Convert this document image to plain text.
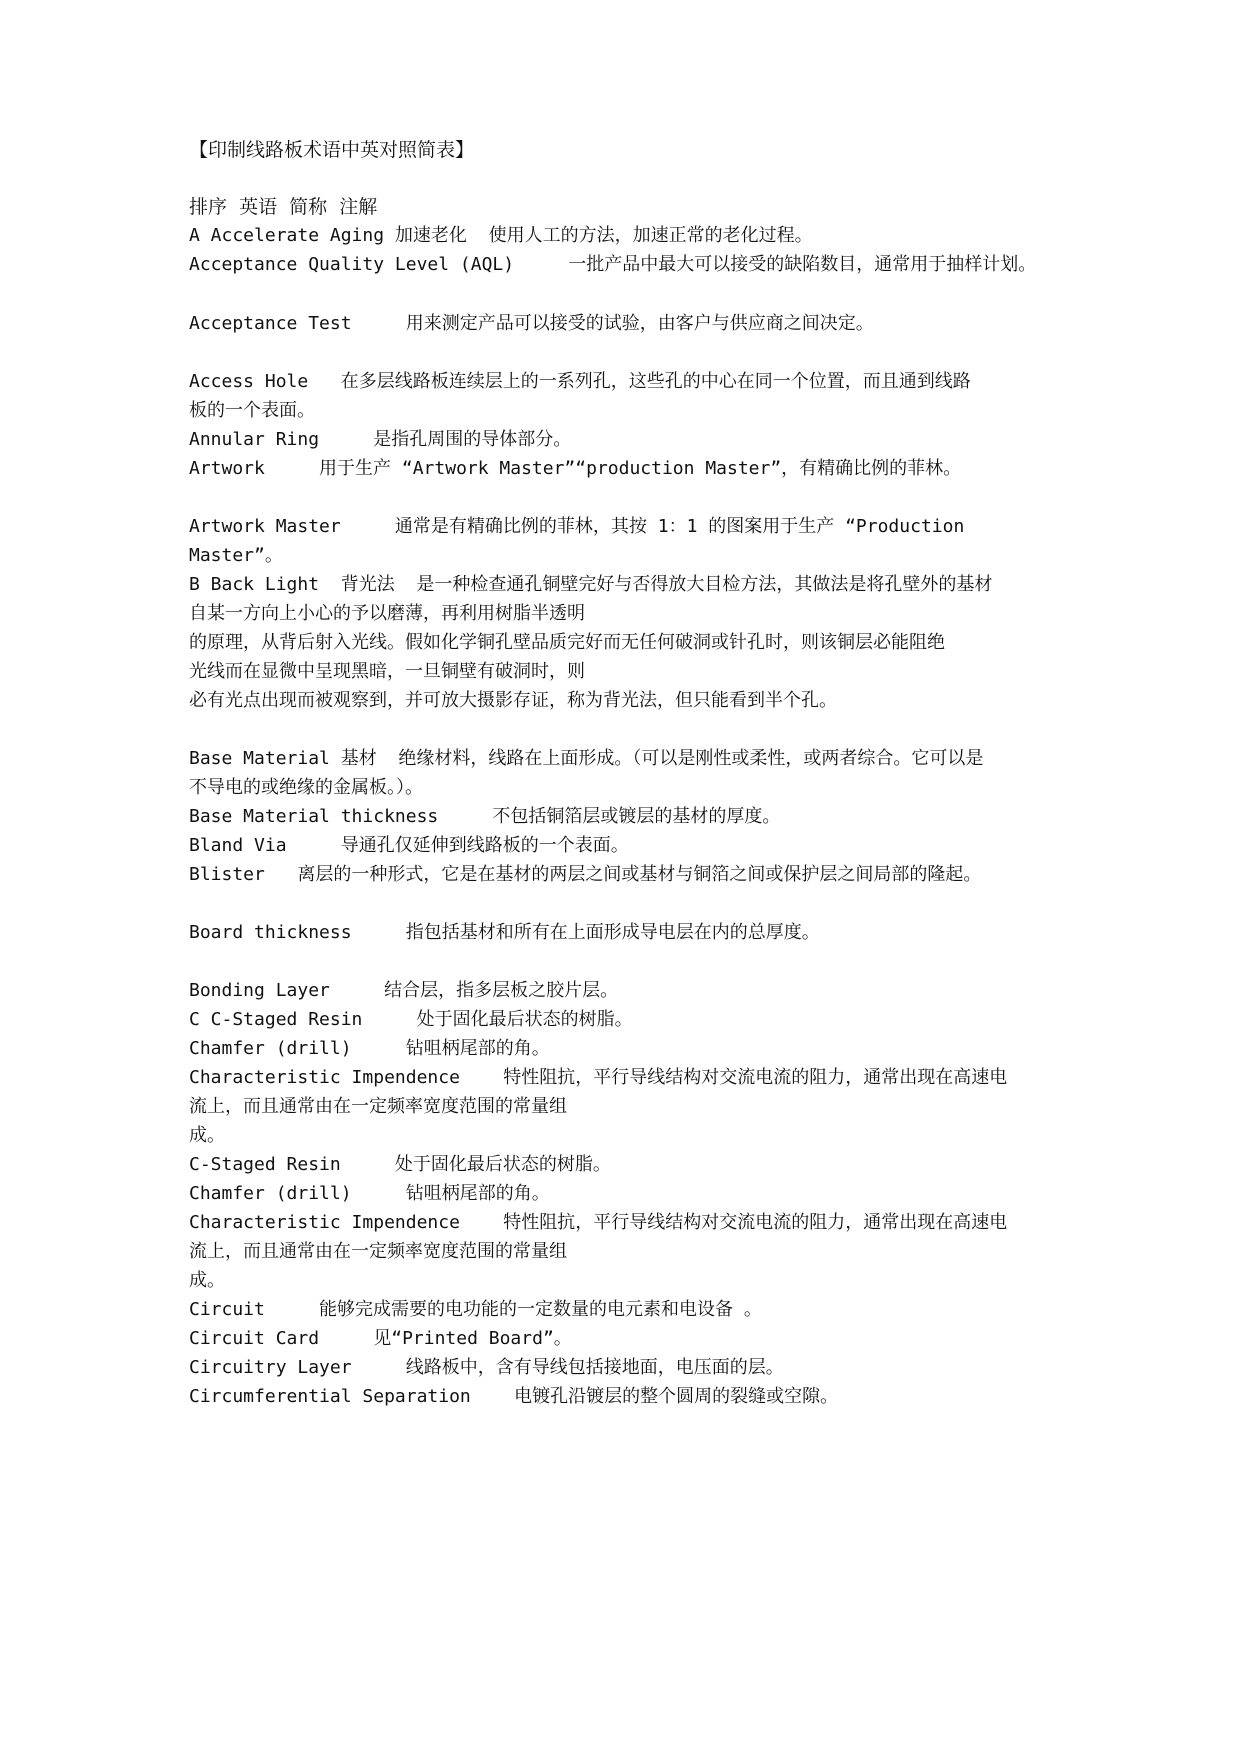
【印制线路板术语中英对照简表】
排序  英语  简称  注解
A Accelerate Aging 加速老化  使用人工的方法，加速正常的老化过程。
Acceptance Quality Level (AQL)     一批产品中最大可以接受的缺陷数目，通常用于抽样计划。
Acceptance Test     用来测定产品可以接受的试验，由客户与供应商之间决定。
Access Hole   在多层线路板连续层上的一系列孔，这些孔的中心在同一个位置，而且通到线路
板的一个表面。
Annular Ring     是指孔周围的导体部分。
Artwork     用于生产 “Artwork Master”“production Master”，有精确比例的菲林。
Artwork Master     通常是有精确比例的菲林，其按 1：1 的图案用于生产 “Production
Master”。
B Back Light  背光法  是一种检查通孔铜壁完好与否得放大目检方法，其做法是将孔壁外的基材
自某一方向上小心的予以磨薄，再利用树脂半透明
的原理，从背后射入光线。假如化学铜孔壁品质完好而无任何破洞或针孔时，则该铜层必能阻绝
光线而在显微中呈现黑暗，一旦铜壁有破洞时，则
必有光点出现而被观察到，并可放大摄影存证，称为背光法，但只能看到半个孔。
Base Material 基材  绝缘材料，线路在上面形成。（可以是刚性或柔性，或两者综合。它可以是
不导电的或绝缘的金属板。）。
Base Material thickness     不包括铜箔层或镀层的基材的厚度。
Bland Via     导通孔仅延伸到线路板的一个表面。
Blister   离层的一种形式，它是在基材的两层之间或基材与铜箔之间或保护层之间局部的隆起。
Board thickness     指包括基材和所有在上面形成导电层在内的总厚度。
Bonding Layer     结合层，指多层板之胶片层。
C C-Staged Resin     处于固化最后状态的树脂。
Chamfer (drill)     钻咀柄尾部的角。
Characteristic Impendence    特性阻抗，平行导线结构对交流电流的阻力，通常出现在高速电
流上，而且通常由在一定频率宽度范围的常量组
成。
C-Staged Resin     处于固化最后状态的树脂。
Chamfer (drill)     钻咀柄尾部的角。
Characteristic Impendence    特性阻抗，平行导线结构对交流电流的阻力，通常出现在高速电
流上，而且通常由在一定频率宽度范围的常量组
成。
Circuit     能够完成需要的电功能的一定数量的电元素和电设备 。
Circuit Card     见“Printed Board”。
Circuitry Layer     线路板中，含有导线包括接地面，电压面的层。
Circumferential Separation    电镀孔沿镀层的整个圆周的裂缝或空隙。
